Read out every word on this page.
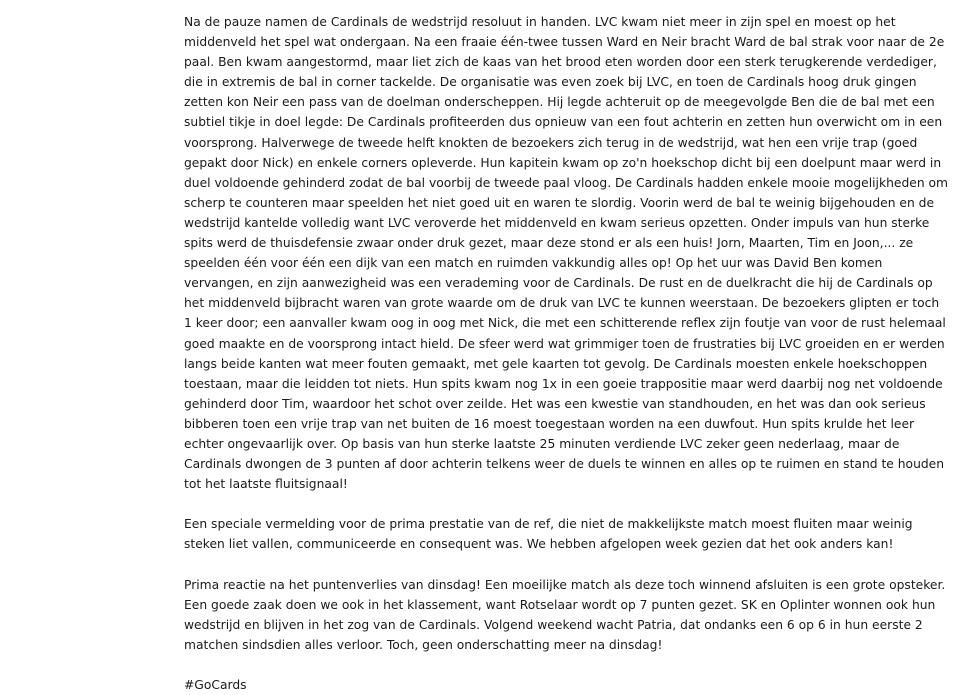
Na de pauze namen de Cardinals de wedstrijd resoluut in handen. LVC kwam niet meer in zijn spel en moest op het middenveld het spel wat ondergaan. Na een fraaie één-twee tussen Ward en Neir bracht Ward de bal strak voor naar de 2e paal. Ben kwam aangestormd, maar liet zich de kaas van het brood eten worden door een sterk terugkerende verdediger, die in extremis de bal in corner tackelde. De organisatie was even zoek bij LVC, en toen de Cardinals hoog druk gingen zetten kon Neir een pass van de doelman onderscheppen. Hij legde achteruit op de meegevolgde Ben die de bal met een subtiel tikje in doel legde: De Cardinals profiteerden dus opnieuw van een fout achterin en zetten hun overwicht om in een voorsprong. Halverwege de tweede helft knokten de bezoekers zich terug in de wedstrijd, wat hen een vrije trap (goed gepakt door Nick) en enkele corners opleverde. Hun kapitein kwam op zo'n hoekschop dicht bij een doelpunt maar werd in duel voldoende gehinderd zodat de bal voorbij de tweede paal vloog. De Cardinals hadden enkele mooie mogelijkheden om scherp te counteren maar speelden het niet goed uit en waren te slordig. Voorin werd de bal te weinig bijgehouden en de wedstrijd kantelde volledig want LVC veroverde het middenveld en kwam serieus opzetten. Onder impuls van hun sterke spits werd de thuisdefensie zwaar onder druk gezet, maar deze stond er als een huis! Jorn, Maarten, Tim en Joon,... ze speelden één voor één een dijk van een match en ruimden vakkundig alles op! Op het uur was David Ben komen vervangen, en zijn aanwezigheid was een verademing voor de Cardinals. De rust en de duelkracht die hij de Cardinals op het middenveld bijbracht waren van grote waarde om de druk van LVC te kunnen weerstaan. De bezoekers glipten er toch 1 keer door; een aanvaller kwam oog in oog met Nick, die met een schitterende reflex zijn foutje van voor de rust helemaal goed maakte en de voorsprong intact hield. De sfeer werd wat grimmiger toen de frustraties bij LVC groeiden en er werden langs beide kanten wat meer fouten gemaakt, met gele kaarten tot gevolg. De Cardinals moesten enkele hoekschoppen toestaan, maar die leidden tot niets. Hun spits kwam nog 1x in een goeie trappositie maar werd daarbij nog net voldoende gehinderd door Tim, waardoor het schot over zeilde. Het was een kwestie van standhouden, en het was dan ook serieus bibberen toen een vrije trap van net buiten de 16 moest toegestaan worden na een duwfout. Hun spits krulde het leer echter ongevaarlijk over. Op basis van hun sterke laatste 25 minuten verdiende LVC zeker geen nederlaag, maar de Cardinals dwongen de 3 punten af door achterin telkens weer de duels te winnen en alles op te ruimen en stand te houden tot het laatste fluitsignaal!

Een speciale vermelding voor de prima prestatie van de ref, die niet de makkelijkste match moest fluiten maar weinig steken liet vallen, communiceerde en consequent was. We hebben afgelopen week gezien dat het ook anders kan!

Prima reactie na het puntenverlies van dinsdag! Een moeilijke match als deze toch winnend afsluiten is een grote opsteker. Een goede zaak doen we ook in het klassement, want Rotselaar wordt op 7 punten gezet. SK en Oplinter wonnen ook hun wedstrijd en blijven in het zog van de Cardinals. Volgend weekend wacht Patria, dat ondanks een 6 op 6 in hun eerste 2 matchen sindsdien alles verloor. Toch, geen onderschatting meer na dinsdag!

#GoCards
